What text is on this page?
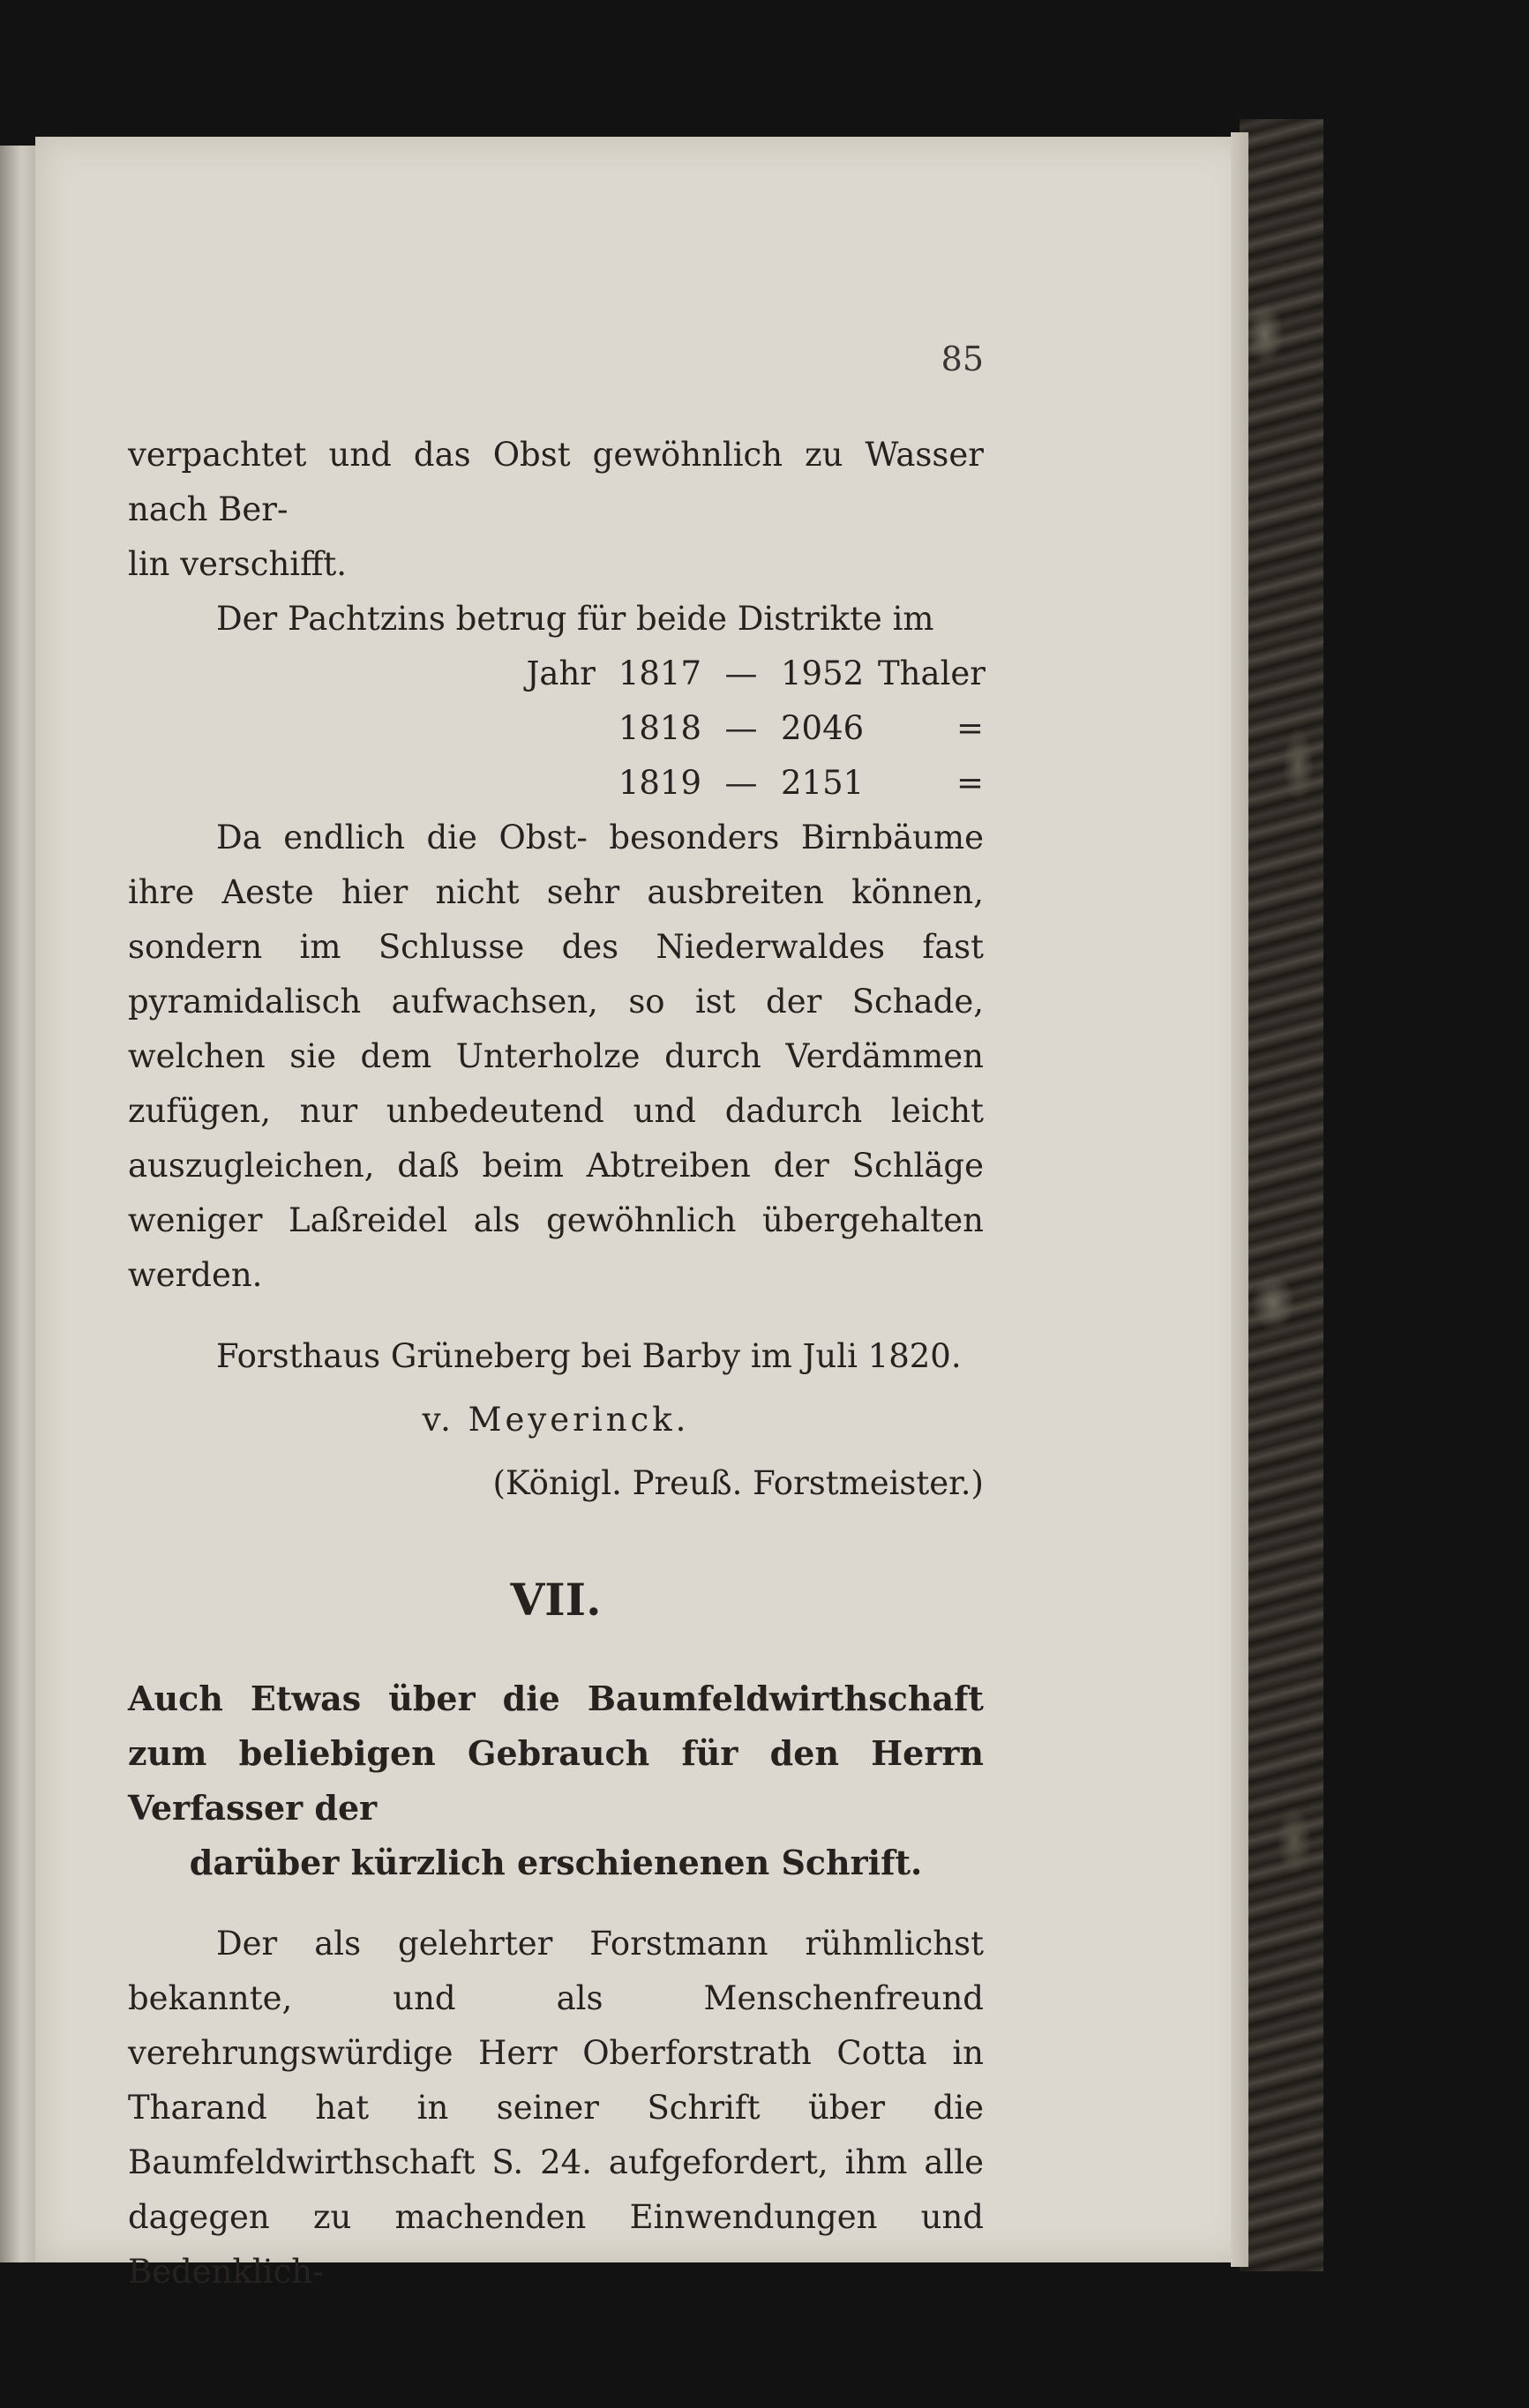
85

verpachtet und das Obst gewöhnlich zu Wasser nach Ber-

lin verschifft.

Der Pachtzins betrug für beide Distrikte im

Jahr 1817 — 1952 Thaler
1818 — 2046	=
1819 — 2151	=

Da endlich die Obst- besonders Birnbäume ihre Aeste hier nicht sehr ausbreiten können, sondern im Schlusse des Niederwaldes fast pyramidalisch aufwachsen, so ist der Schade, welchen sie dem Unterholze durch Verdämmen zufügen, nur unbedeutend und dadurch leicht auszugleichen, daß beim Abtreiben der Schläge weniger Laßreidel als gewöhnlich übergehalten werden.

Forsthaus Grüneberg bei Barby im Juli 1820.

v. Meyerinck.

(Königl. Preuß. Forstmeister.)

VII.

Auch Etwas über die Baumfeldwirthschaft zum beliebigen Gebrauch für den Herrn Verfasser der

darüber kürzlich erschienenen Schrift.

Der als gelehrter Forstmann rühmlichst bekannte, und als Menschenfreund verehrungswürdige Herr Oberforstrath Cotta in Tharand hat in seiner Schrift über die Baumfeldwirthschaft S. 24. aufgefordert, ihm alle dagegen zu machenden Einwendungen und Bedenklich-
